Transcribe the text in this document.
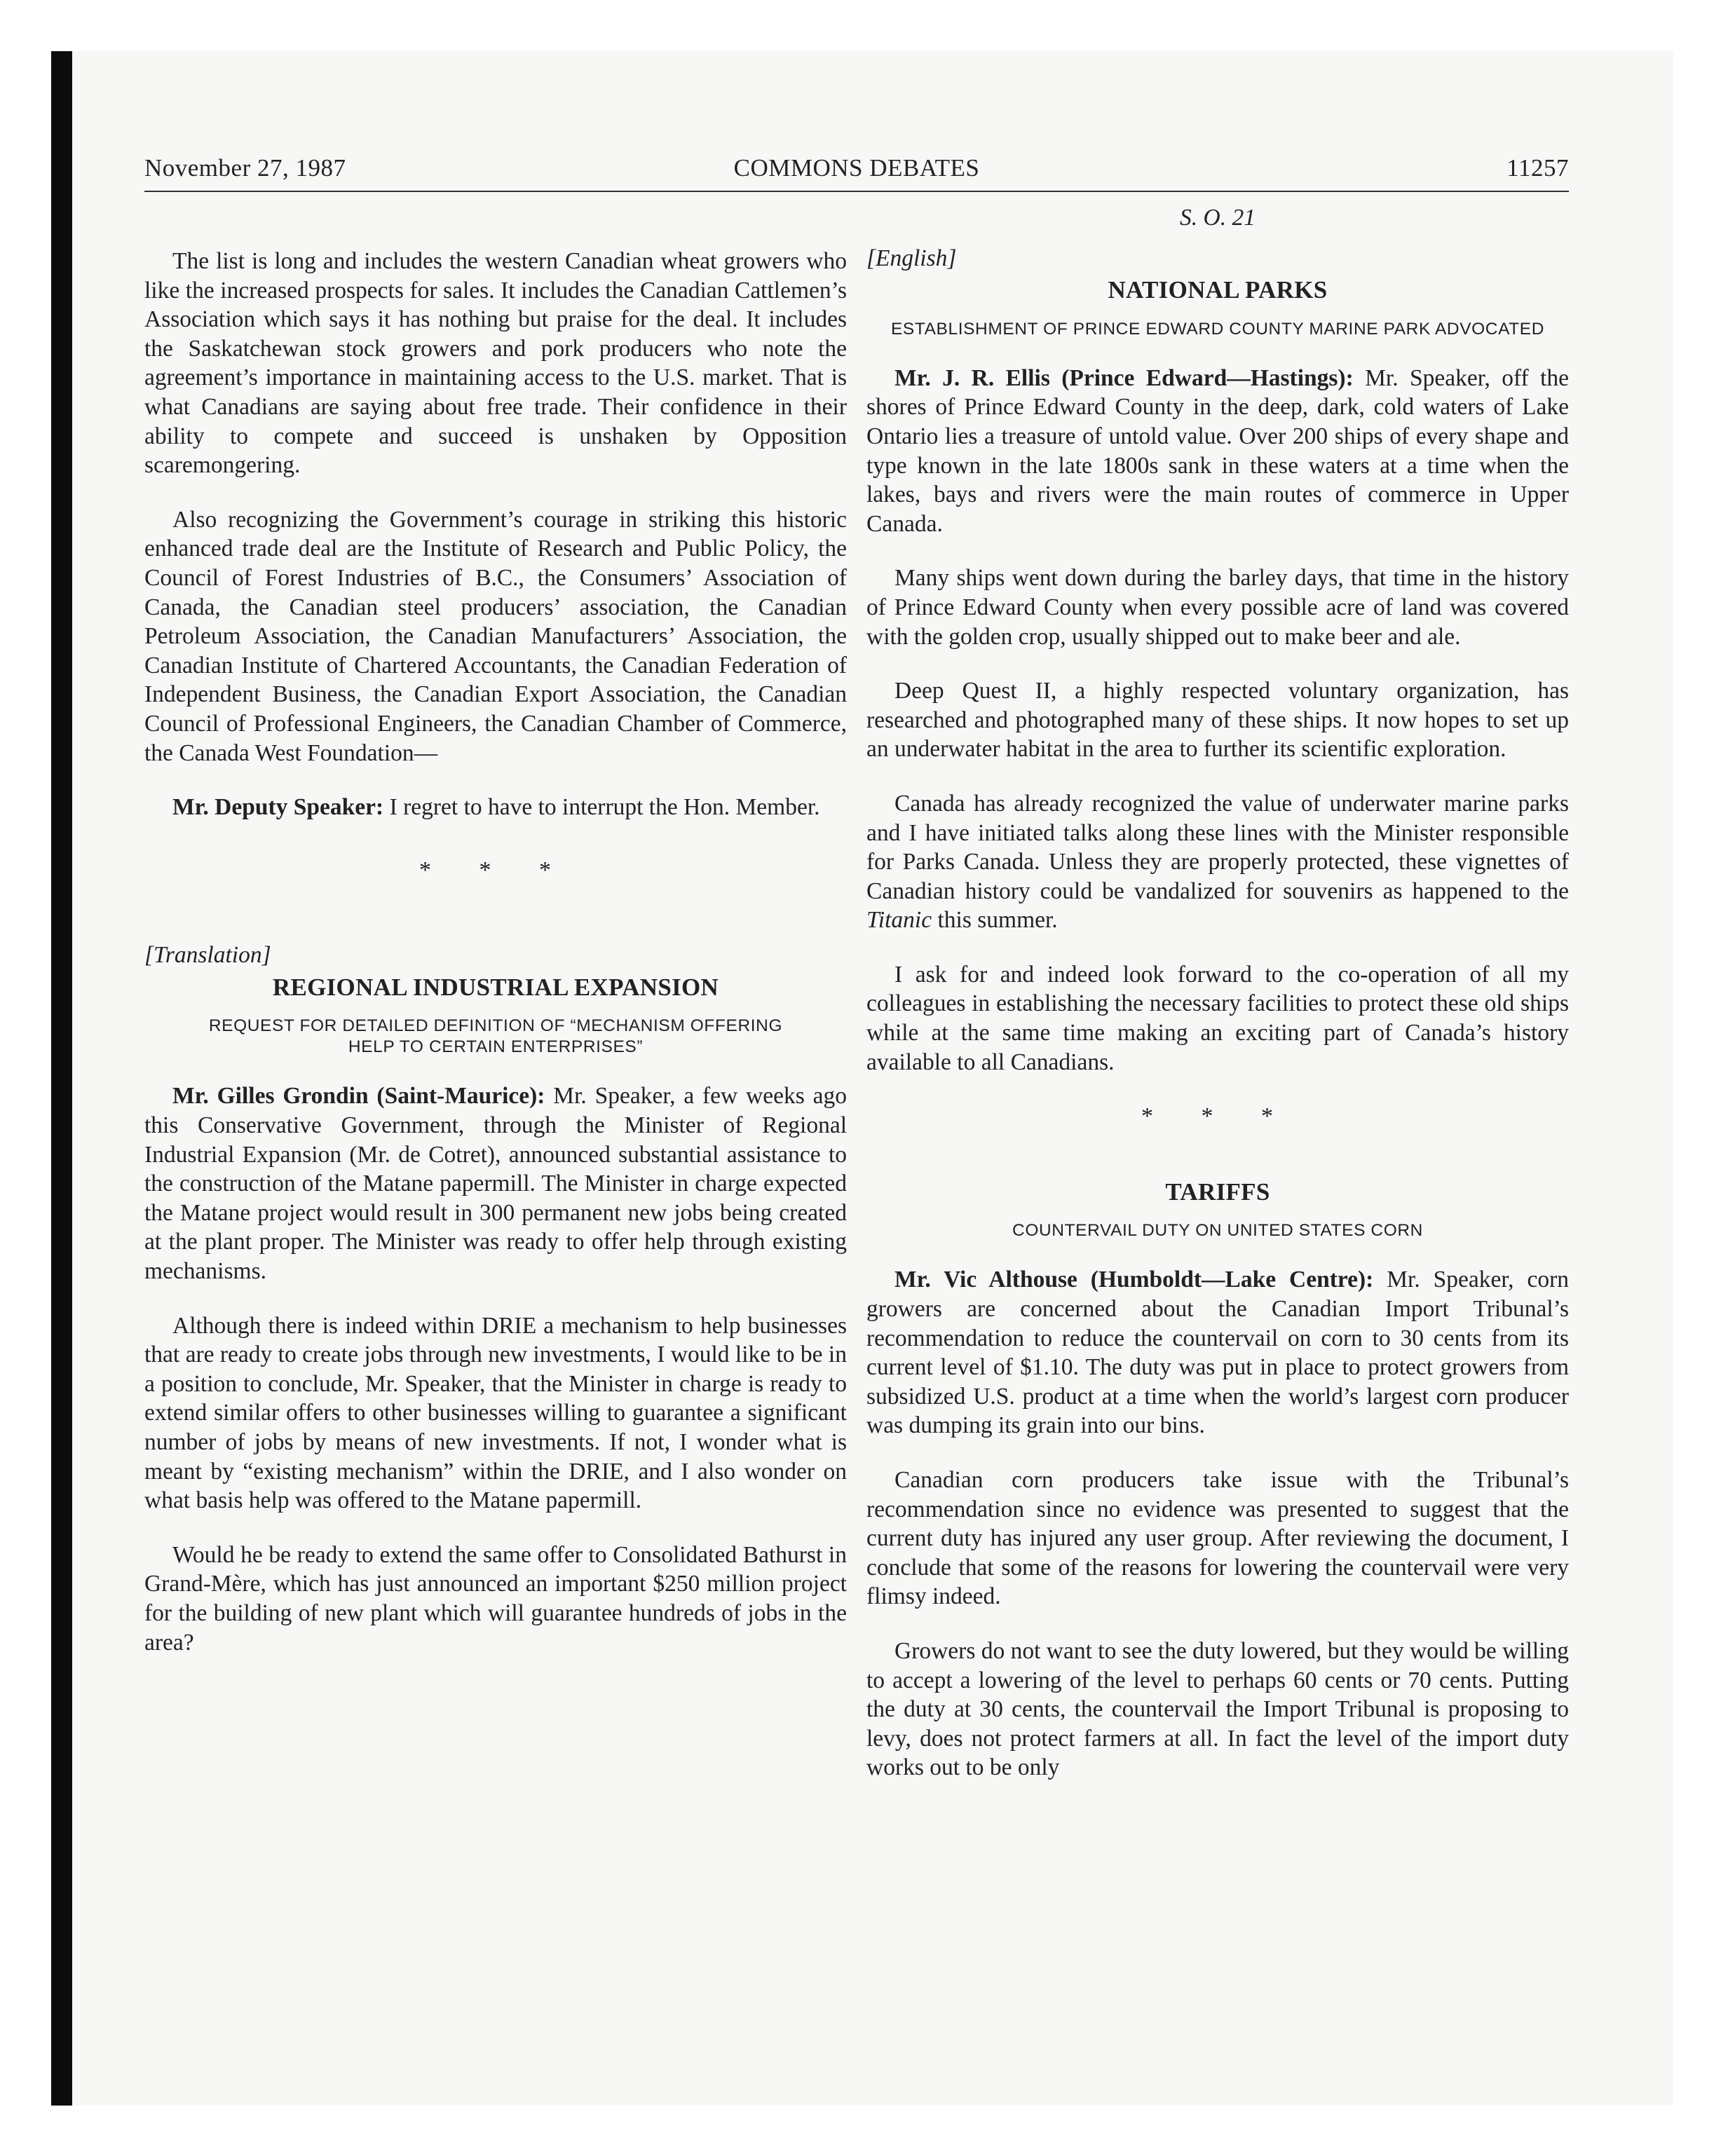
November 27, 1987	COMMONS DEBATES	11257

The list is long and includes the western Canadian wheat growers who like the increased prospects for sales. It includes the Canadian Cattlemen’s Association which says it has nothing but praise for the deal. It includes the Saskatchewan stock growers and pork producers who note the agreement’s importance in maintaining access to the U.S. market. That is what Canadians are saying about free trade. Their confidence in their ability to compete and succeed is unshaken by Opposition scaremongering.

Also recognizing the Government’s courage in striking this historic enhanced trade deal are the Institute of Research and Public Policy, the Council of Forest Industries of B.C., the Consumers’ Association of Canada, the Canadian steel producers’ association, the Canadian Petroleum Association, the Canadian Manufacturers’ Association, the Canadian Institute of Chartered Accountants, the Canadian Federation of Independent Business, the Canadian Export Association, the Canadian Council of Professional Engineers, the Canadian Chamber of Commerce, the Canada West Foundation—

Mr. Deputy Speaker: I regret to have to interrupt the Hon. Member.

* * *
[Translation]
REGIONAL INDUSTRIAL EXPANSION
REQUEST FOR DETAILED DEFINITION OF “MECHANISM OFFERING HELP TO CERTAIN ENTERPRISES”

Mr. Gilles Grondin (Saint-Maurice): Mr. Speaker, a few weeks ago this Conservative Government, through the Minister of Regional Industrial Expansion (Mr. de Cotret), announced substantial assistance to the construction of the Matane papermill. The Minister in charge expected the Matane project would result in 300 permanent new jobs being created at the plant proper. The Minister was ready to offer help through existing mechanisms.

Although there is indeed within DRIE a mechanism to help businesses that are ready to create jobs through new investments, I would like to be in a position to conclude, Mr. Speaker, that the Minister in charge is ready to extend similar offers to other businesses willing to guarantee a significant number of jobs by means of new investments. If not, I wonder what is meant by “existing mechanism” within the DRIE, and I also wonder on what basis help was offered to the Matane papermill.

Would he be ready to extend the same offer to Consolidated Bathurst in Grand-Mère, which has just announced an important $250 million project for the building of new plant which will guarantee hundreds of jobs in the area?

S. O. 21
[English]
NATIONAL PARKS
ESTABLISHMENT OF PRINCE EDWARD COUNTY MARINE PARK ADVOCATED

Mr. J. R. Ellis (Prince Edward—Hastings): Mr. Speaker, off the shores of Prince Edward County in the deep, dark, cold waters of Lake Ontario lies a treasure of untold value. Over 200 ships of every shape and type known in the late 1800s sank in these waters at a time when the lakes, bays and rivers were the main routes of commerce in Upper Canada.

Many ships went down during the barley days, that time in the history of Prince Edward County when every possible acre of land was covered with the golden crop, usually shipped out to make beer and ale.

Deep Quest II, a highly respected voluntary organization, has researched and photographed many of these ships. It now hopes to set up an underwater habitat in the area to further its scientific exploration.

Canada has already recognized the value of underwater marine parks and I have initiated talks along these lines with the Minister responsible for Parks Canada. Unless they are properly protected, these vignettes of Canadian history could be vandalized for souvenirs as happened to the Titanic this summer.

I ask for and indeed look forward to the co-operation of all my colleagues in establishing the necessary facilities to protect these old ships while at the same time making an exciting part of Canada’s history available to all Canadians.

* * *
TARIFFS
COUNTERVAIL DUTY ON UNITED STATES CORN

Mr. Vic Althouse (Humboldt—Lake Centre): Mr. Speaker, corn growers are concerned about the Canadian Import Tribunal’s recommendation to reduce the countervail on corn to 30 cents from its current level of $1.10. The duty was put in place to protect growers from subsidized U.S. product at a time when the world’s largest corn producer was dumping its grain into our bins.

Canadian corn producers take issue with the Tribunal’s recommendation since no evidence was presented to suggest that the current duty has injured any user group. After reviewing the document, I conclude that some of the reasons for lowering the countervail were very flimsy indeed.

Growers do not want to see the duty lowered, but they would be willing to accept a lowering of the level to perhaps 60 cents or 70 cents. Putting the duty at 30 cents, the countervail the Import Tribunal is proposing to levy, does not protect farmers at all. In fact the level of the import duty works out to be only
